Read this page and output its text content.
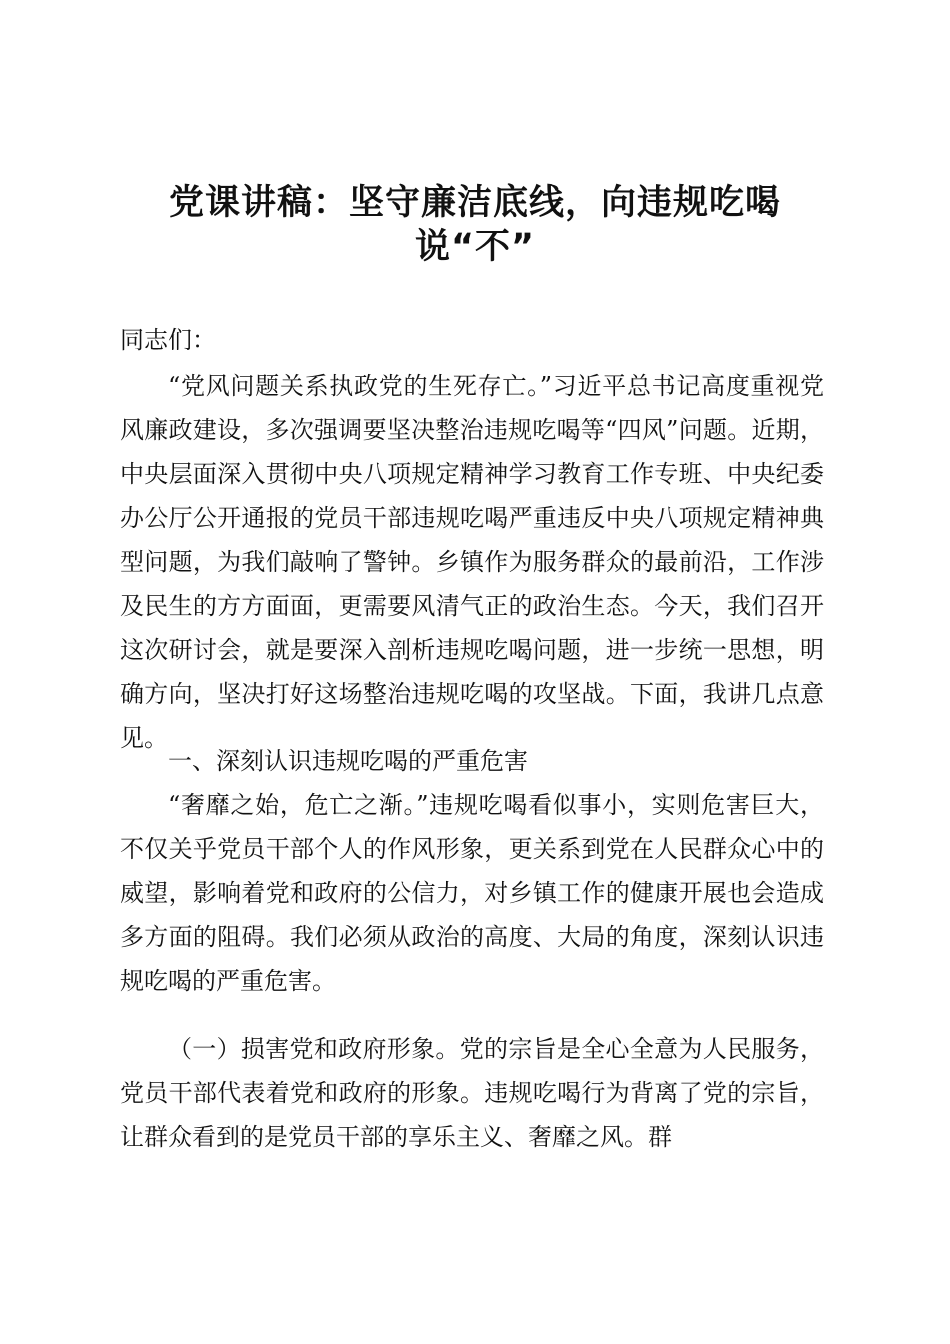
党课讲稿：坚守廉洁底线，向违规吃喝
说“不”

同志们：

“党风问题关系执政党的生死存亡。”习近平总书记高度重视党风廉政建设，多次强调要坚决整治违规吃喝等“四风”问题。近期，中央层面深入贯彻中央八项规定精神学习教育工作专班、中央纪委办公厅公开通报的党员干部违规吃喝严重违反中央八项规定精神典型问题，为我们敲响了警钟。乡镇作为服务群众的最前沿，工作涉及民生的方方面面，更需要风清气正的政治生态。今天，我们召开这次研讨会，就是要深入剖析违规吃喝问题，进一步统一思想，明确方向，坚决打好这场整治违规吃喝的攻坚战。下面，我讲几点意见。

一、深刻认识违规吃喝的严重危害

“奢靡之始，危亡之渐。”违规吃喝看似事小，实则危害巨大，不仅关乎党员干部个人的作风形象，更关系到党在人民群众心中的威望，影响着党和政府的公信力，对乡镇工作的健康开展也会造成多方面的阻碍。我们必须从政治的高度、大局的角度，深刻认识违规吃喝的严重危害。

（一）损害党和政府形象。党的宗旨是全心全意为人民服务，党员干部代表着党和政府的形象。违规吃喝行为背离了党的宗旨，让群众看到的是党员干部的享乐主义、奢靡之风。群
